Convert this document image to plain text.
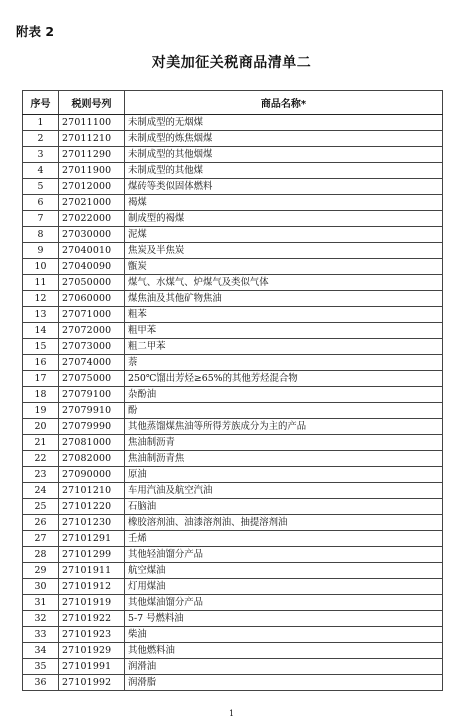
附表 2
对美加征关税商品清单二
序号	税则号列	商品名称*
1	27011100	未制成型的无烟煤
2	27011210	未制成型的炼焦烟煤
3	27011290	未制成型的其他烟煤
4	27011900	未制成型的其他煤
5	27012000	煤砖等类似固体燃料
6	27021000	褐煤
7	27022000	制成型的褐煤
8	27030000	泥煤
9	27040010	焦炭及半焦炭
10	27040090	甑炭
11	27050000	煤气、水煤气、炉煤气及类似气体
12	27060000	煤焦油及其他矿物焦油
13	27071000	粗苯
14	27072000	粗甲苯
15	27073000	粗二甲苯
16	27074000	萘
17	27075000	250℃馏出芳烃≥65%的其他芳烃混合物
18	27079100	杂酚油
19	27079910	酚
20	27079990	其他蒸馏煤焦油等所得芳族成分为主的产品
21	27081000	焦油制沥青
22	27082000	焦油制沥青焦
23	27090000	原油
24	27101210	车用汽油及航空汽油
25	27101220	石脑油
26	27101230	橡胶溶剂油、油漆溶剂油、抽提溶剂油
27	27101291	壬烯
28	27101299	其他轻油馏分产品
29	27101911	航空煤油
30	27101912	灯用煤油
31	27101919	其他煤油馏分产品
32	27101922	5-7 号燃料油
33	27101923	柴油
34	27101929	其他燃料油
35	27101991	润滑油
36	27101992	润滑脂
1
